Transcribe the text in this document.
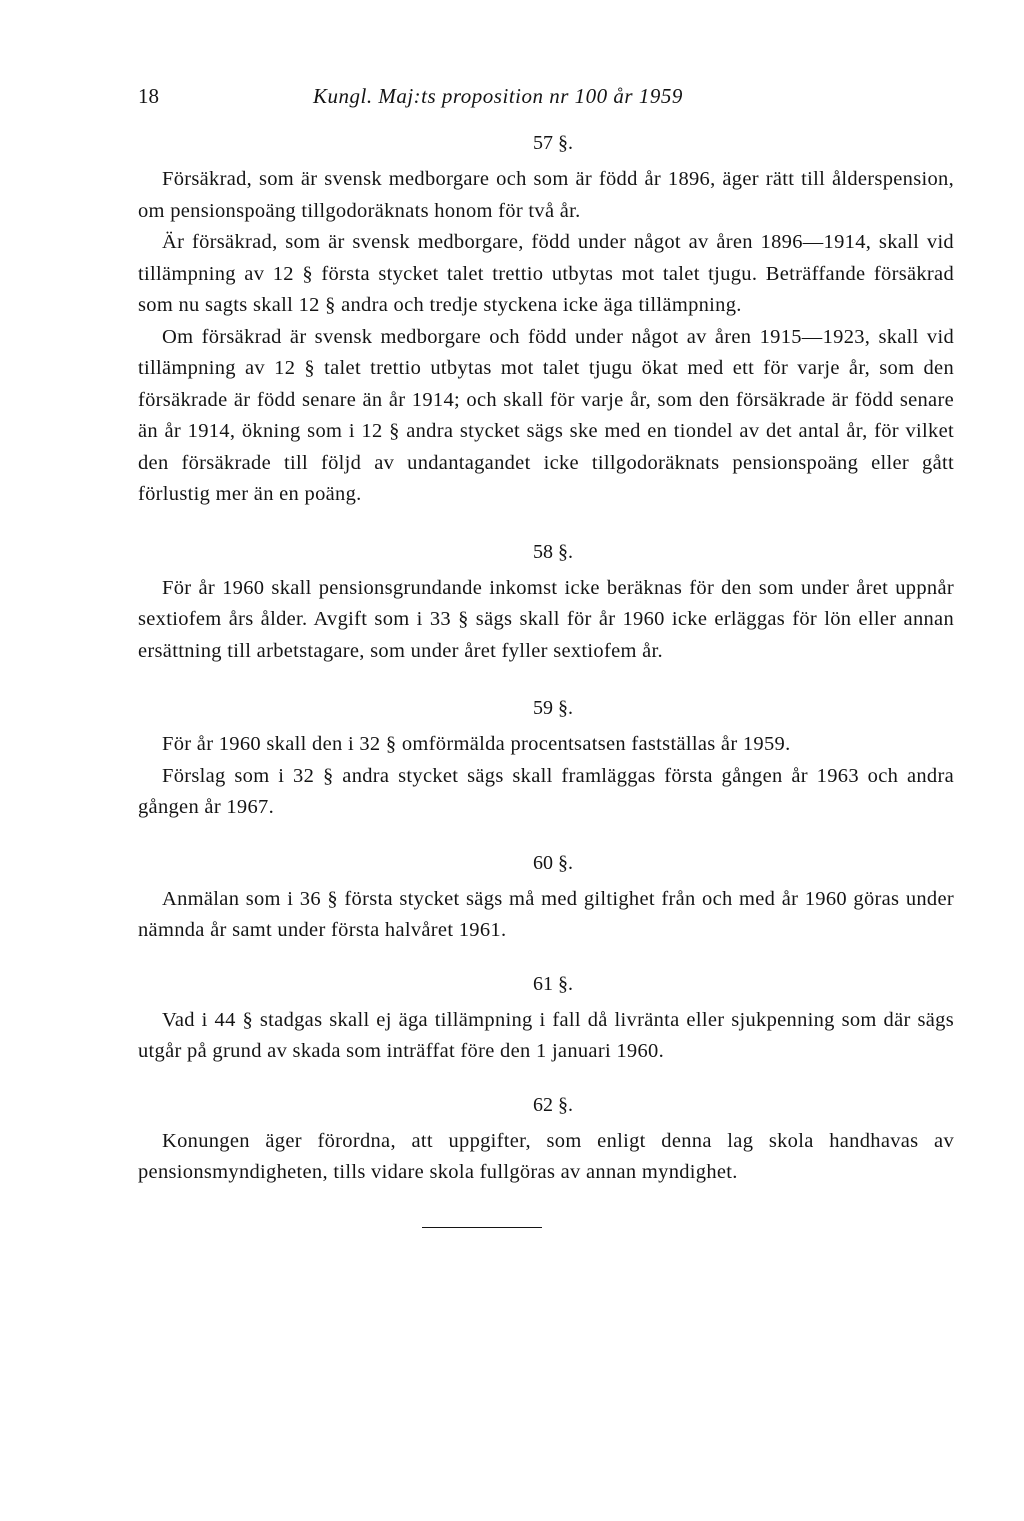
18	Kungl. Maj:ts proposition nr 100 år 1959
57 §.

Försäkrad, som är svensk medborgare och som är född år 1896, äger rätt till ålderspension, om pensionspoäng tillgodoräknats honom för två år.

Är försäkrad, som är svensk medborgare, född under något av åren 1896—1914, skall vid tillämpning av 12 § första stycket talet trettio utbytas mot talet tjugu. Beträffande försäkrad som nu sagts skall 12 § andra och tredje styckena icke äga tillämpning.

Om försäkrad är svensk medborgare och född under något av åren 1915—1923, skall vid tillämpning av 12 § talet trettio utbytas mot talet tjugu ökat med ett för varje år, som den försäkrade är född senare än år 1914; och skall för varje år, som den försäkrade är född senare än år 1914, ökning som i 12 § andra stycket sägs ske med en tiondel av det antal år, för vilket den försäkrade till följd av undantagandet icke tillgodoräknats pensionspoäng eller gått förlustig mer än en poäng.

58 §.

För år 1960 skall pensionsgrundande inkomst icke beräknas för den som under året uppnår sextiofem års ålder. Avgift som i 33 § sägs skall för år 1960 icke erläggas för lön eller annan ersättning till arbetstagare, som under året fyller sextiofem år.

59 §.

För år 1960 skall den i 32 § omförmälda procentsatsen fastställas år 1959.

Förslag som i 32 § andra stycket sägs skall framläggas första gången år 1963 och andra gången år 1967.

60 §.

Anmälan som i 36 § första stycket sägs må med giltighet från och med år 1960 göras under nämnda år samt under första halvåret 1961.

61 §.

Vad i 44 § stadgas skall ej äga tillämpning i fall då livränta eller sjukpenning som där sägs utgår på grund av skada som inträffat före den 1 januari 1960.

62 §.

Konungen äger förordna, att uppgifter, som enligt denna lag skola handhavas av pensionsmyndigheten, tills vidare skola fullgöras av annan myndighet.
